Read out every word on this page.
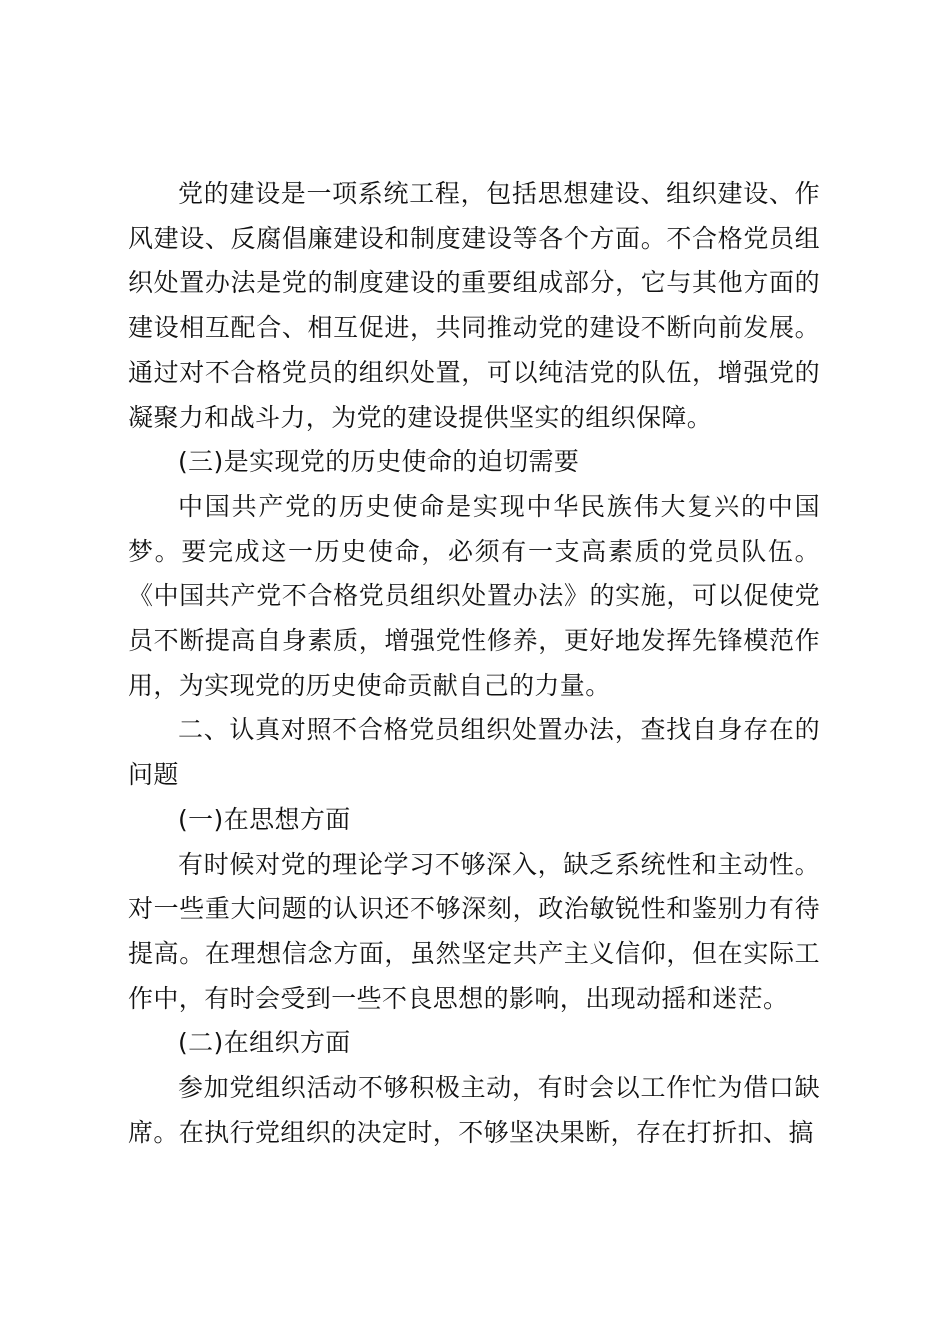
党的建设是一项系统工程，包括思想建设、组织建设、作风建设、反腐倡廉建设和制度建设等各个方面。不合格党员组织处置办法是党的制度建设的重要组成部分，它与其他方面的建设相互配合、相互促进，共同推动党的建设不断向前发展。通过对不合格党员的组织处置，可以纯洁党的队伍，增强党的凝聚力和战斗力，为党的建设提供坚实的组织保障。

(三)是实现党的历史使命的迫切需要

中国共产党的历史使命是实现中华民族伟大复兴的中国梦。要完成这一历史使命，必须有一支高素质的党员队伍。《中国共产党不合格党员组织处置办法》的实施，可以促使党员不断提高自身素质，增强党性修养，更好地发挥先锋模范作用，为实现党的历史使命贡献自己的力量。

二、认真对照不合格党员组织处置办法，查找自身存在的问题

(一)在思想方面

有时候对党的理论学习不够深入，缺乏系统性和主动性。对一些重大问题的认识还不够深刻，政治敏锐性和鉴别力有待提高。在理想信念方面，虽然坚定共产主义信仰，但在实际工作中，有时会受到一些不良思想的影响，出现动摇和迷茫。

(二)在组织方面

参加党组织活动不够积极主动，有时会以工作忙为借口缺席。在执行党组织的决定时，不够坚决果断，存在打折扣、搞
